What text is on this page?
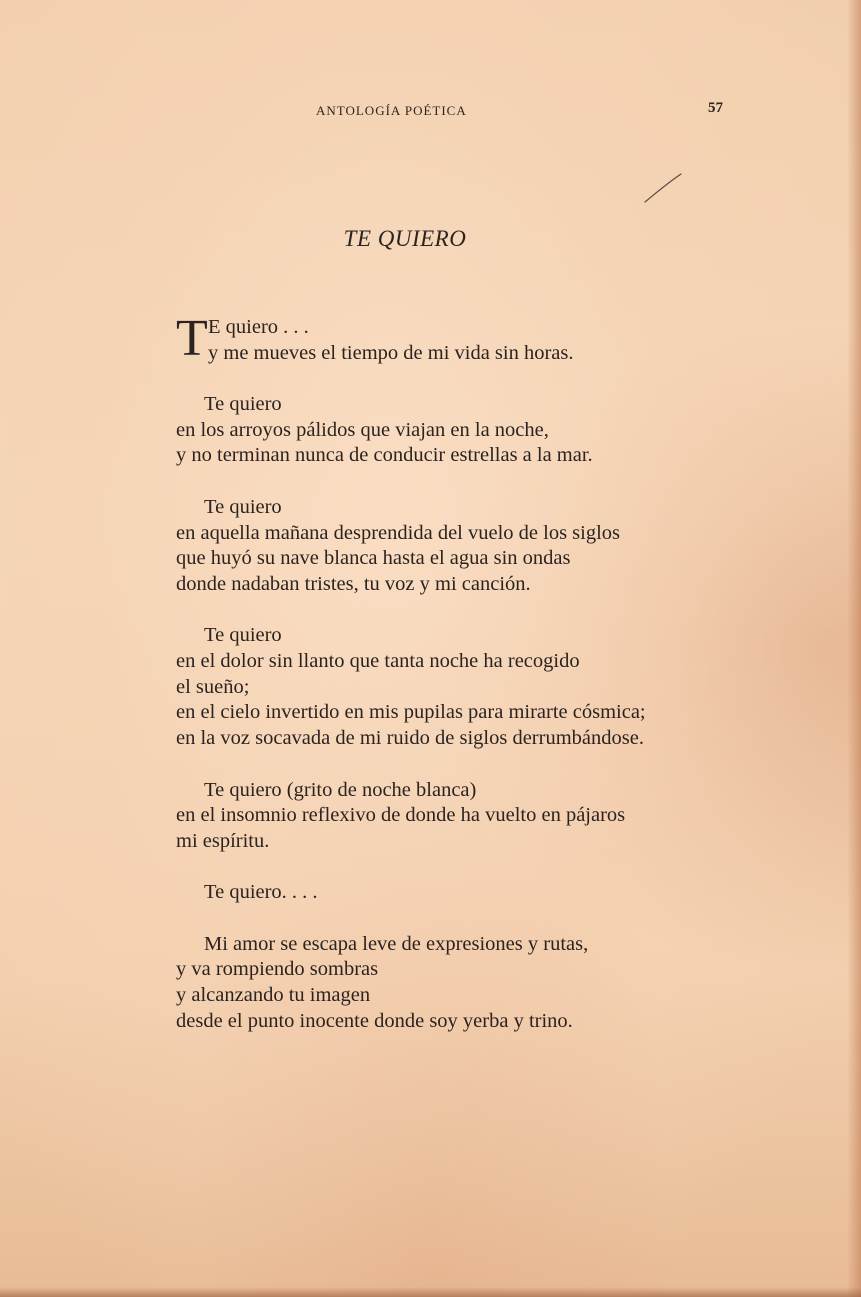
ANTOLOGÍA POÉTICA	57
TE QUIERO
T E quiero . . .
y me mueves el tiempo de mi vida sin horas.
Te quiero
en los arroyos pálidos que viajan en la noche,
y no terminan nunca de conducir estrellas a la mar.
Te quiero
en aquella mañana desprendida del vuelo de los siglos
que huyó su nave blanca hasta el agua sin ondas
donde nadaban tristes, tu voz y mi canción.
Te quiero
en el dolor sin llanto que tanta noche ha recogido
el sueño;
en el cielo invertido en mis pupilas para mirarte cósmica;
en la voz socavada de mi ruido de siglos derrumbándose.
Te quiero (grito de noche blanca)
en el insomnio reflexivo de donde ha vuelto en pájaros
mi espíritu.
Te quiero. . . .
Mi amor se escapa leve de expresiones y rutas,
y va rompiendo sombras
y alcanzando tu imagen
desde el punto inocente donde soy yerba y trino.
